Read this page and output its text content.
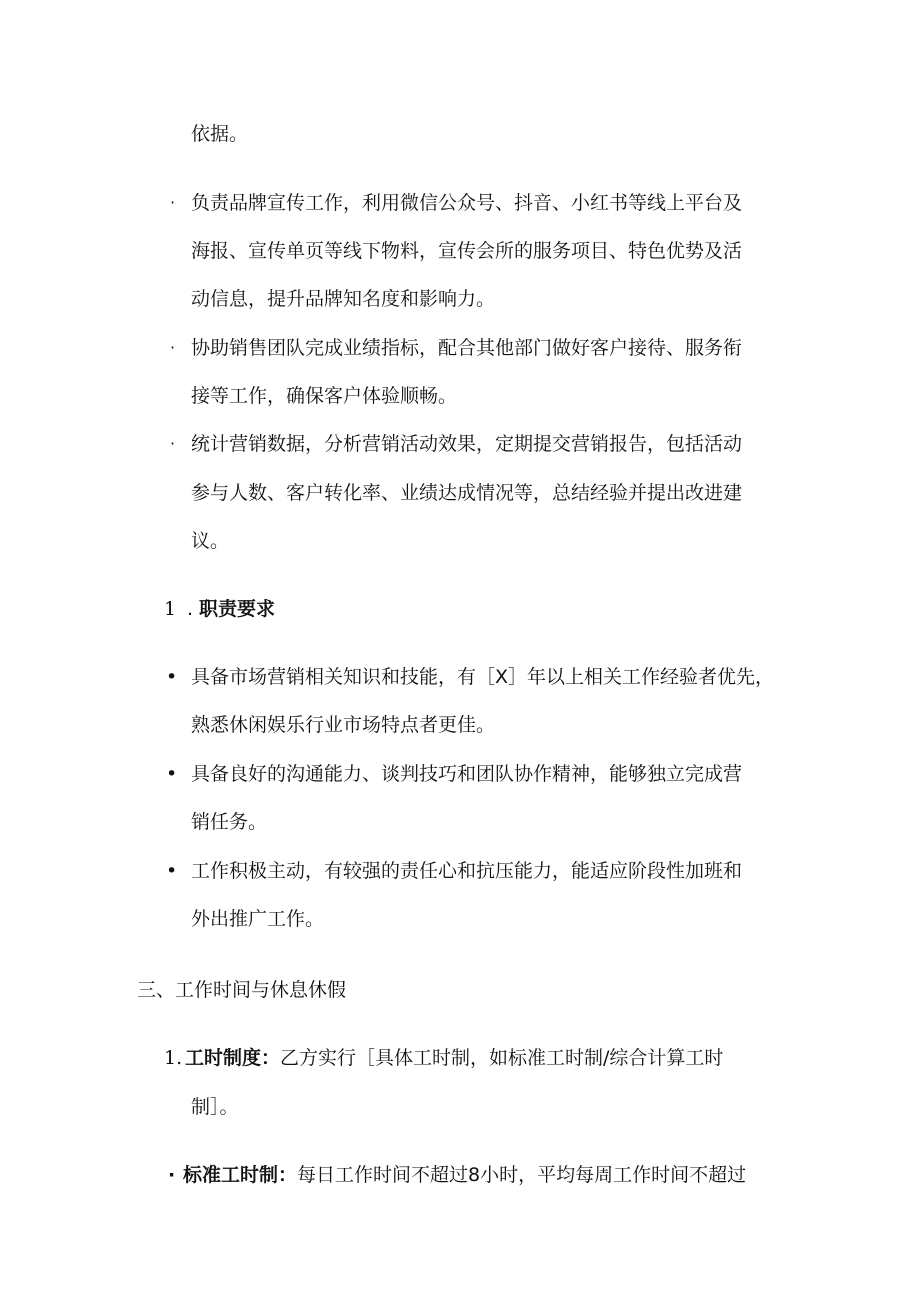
依据。
· 负责品牌宣传工作，利用微信公众号、抖音、小红书等线上平台及
海报、宣传单页等线下物料，宣传会所的服务项目、特色优势及活
动信息，提升品牌知名度和影响力。
· 协助销售团队完成业绩指标，配合其他部门做好客户接待、服务衔
接等工作，确保客户体验顺畅。
· 统计营销数据，分析营销活动效果，定期提交营销报告，包括活动
参与人数、客户转化率、业绩达成情况等，总结经验并提出改进建
议。
1 . 职责要求
• 具备市场营销相关知识和技能，有［X］年以上相关工作经验者优先，
熟悉休闲娱乐行业市场特点者更佳。
• 具备良好的沟通能力、谈判技巧和团队协作精神，能够独立完成营
销任务。
• 工作积极主动，有较强的责任心和抗压能力，能适应阶段性加班和
外出推广工作。
三、工作时间与休息休假
1. 工时制度：乙方实行［具体工时制，如标准工时制/综合计算工时
制］。
· 标准工时制：每日工作时间不超过8小时，平均每周工作时间不超过
